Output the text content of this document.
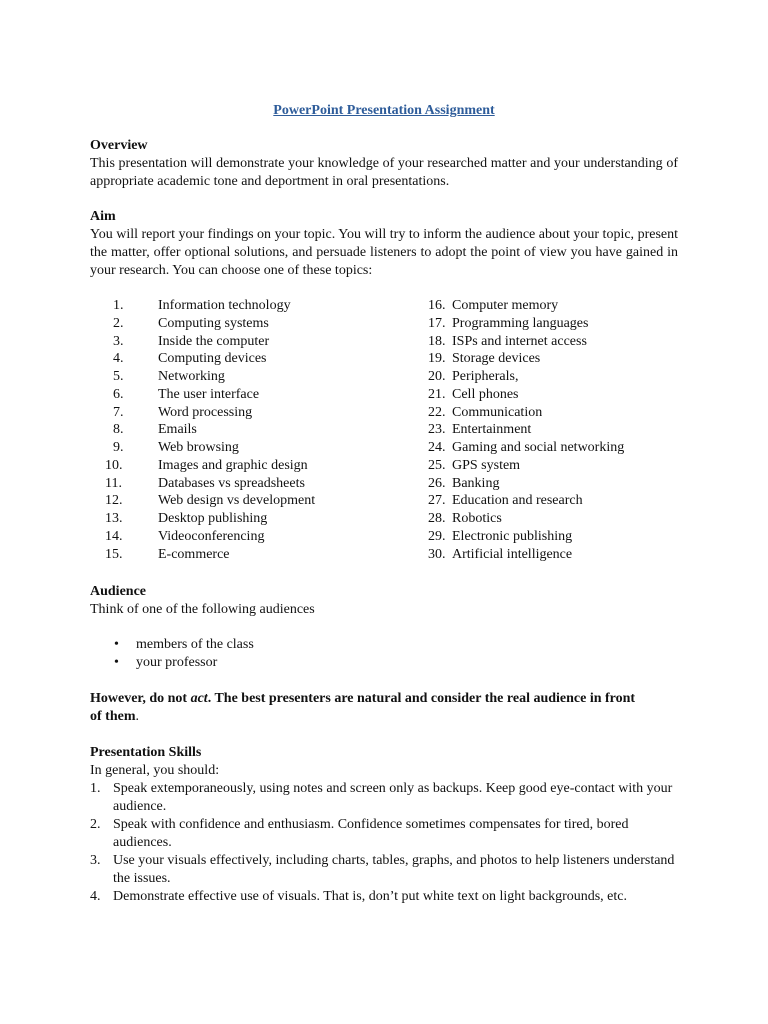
PowerPoint Presentation Assignment
Overview

This presentation will demonstrate your knowledge of your researched matter and your understanding of appropriate academic tone and deportment in oral presentations.

Aim

You will report your findings on your topic. You will try to inform the audience about your topic, present the matter, offer optional solutions, and persuade listeners to adopt the point of view you have gained in your research. You can choose one of these topics:

1. Information technology
2. Computing systems
3. Inside the computer
4. Computing devices
5. Networking
6. The user interface
7. Word processing
8. Emails
9. Web browsing
10.	Images and graphic design
11.	Databases vs spreadsheets
12.	Web design vs development
13.	Desktop publishing
14.	Videoconferencing
15.	E-commerce
16. Computer memory
17. Programming languages
18. ISPs and internet access
19. Storage devices
20. Peripherals,
21. Cell phones
22. Communication
23. Entertainment
24. Gaming and social networking
25. GPS system
26. Banking
27. Education and research
28. Robotics
29. Electronic publishing
30. Artificial intelligence
Audience
Think of one of the following audiences
• members of the class
• your professor
However, do not act. The best presenters are natural and consider the real audience in front of them.
Presentation Skills
In general, you should:
1. Speak extemporaneously, using notes and screen only as backups. Keep good eye-contact with your audience.
2. Speak with confidence and enthusiasm. Confidence sometimes compensates for tired, bored audiences.
3. Use your visuals effectively, including charts, tables, graphs, and photos to help listeners understand the issues.
4. Demonstrate effective use of visuals. That is, don’t put white text on light backgrounds, etc.
